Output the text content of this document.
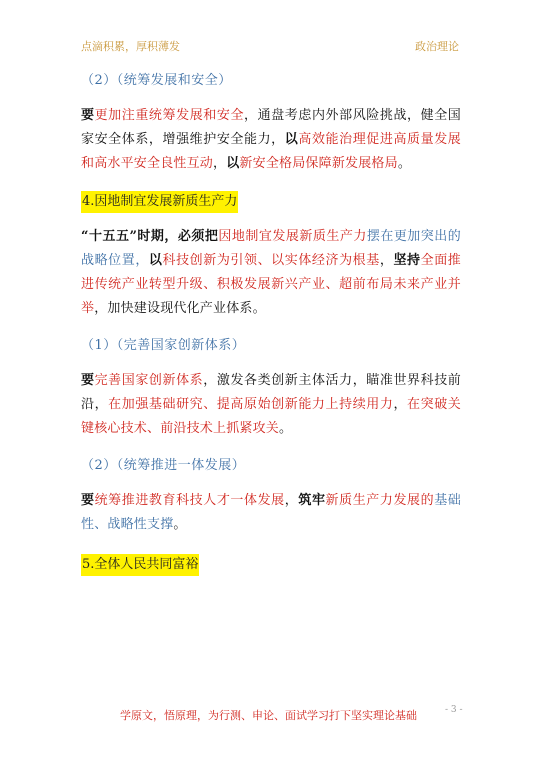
点滴积累，厚积薄发	政治理论

（2）（统筹发展和安全）

要更加注重统筹发展和安全，通盘考虑内外部风险挑战，健全国家安全体系，增强维护安全能力，以高效能治理促进高质量发展和高水平安全良性互动，以新安全格局保障新发展格局。

4.因地制宜发展新质生产力

“十五五”时期，必须把因地制宜发展新质生产力摆在更加突出的战略位置，以科技创新为引领、以实体经济为根基，坚持全面推进传统产业转型升级、积极发展新兴产业、超前布局未来产业并举，加快建设现代化产业体系。

（1）（完善国家创新体系）

要完善国家创新体系，激发各类创新主体活力，瞄准世界科技前沿，在加强基础研究、提高原始创新能力上持续用力，在突破关键核心技术、前沿技术上抓紧攻关。

（2）（统筹推进一体发展）

要统筹推进教育科技人才一体发展，筑牢新质生产力发展的基础性、战略性支撑。

5.全体人民共同富裕
学原文，悟原理，为行测、申论、面试学习打下坚实理论基础	- 3 -
